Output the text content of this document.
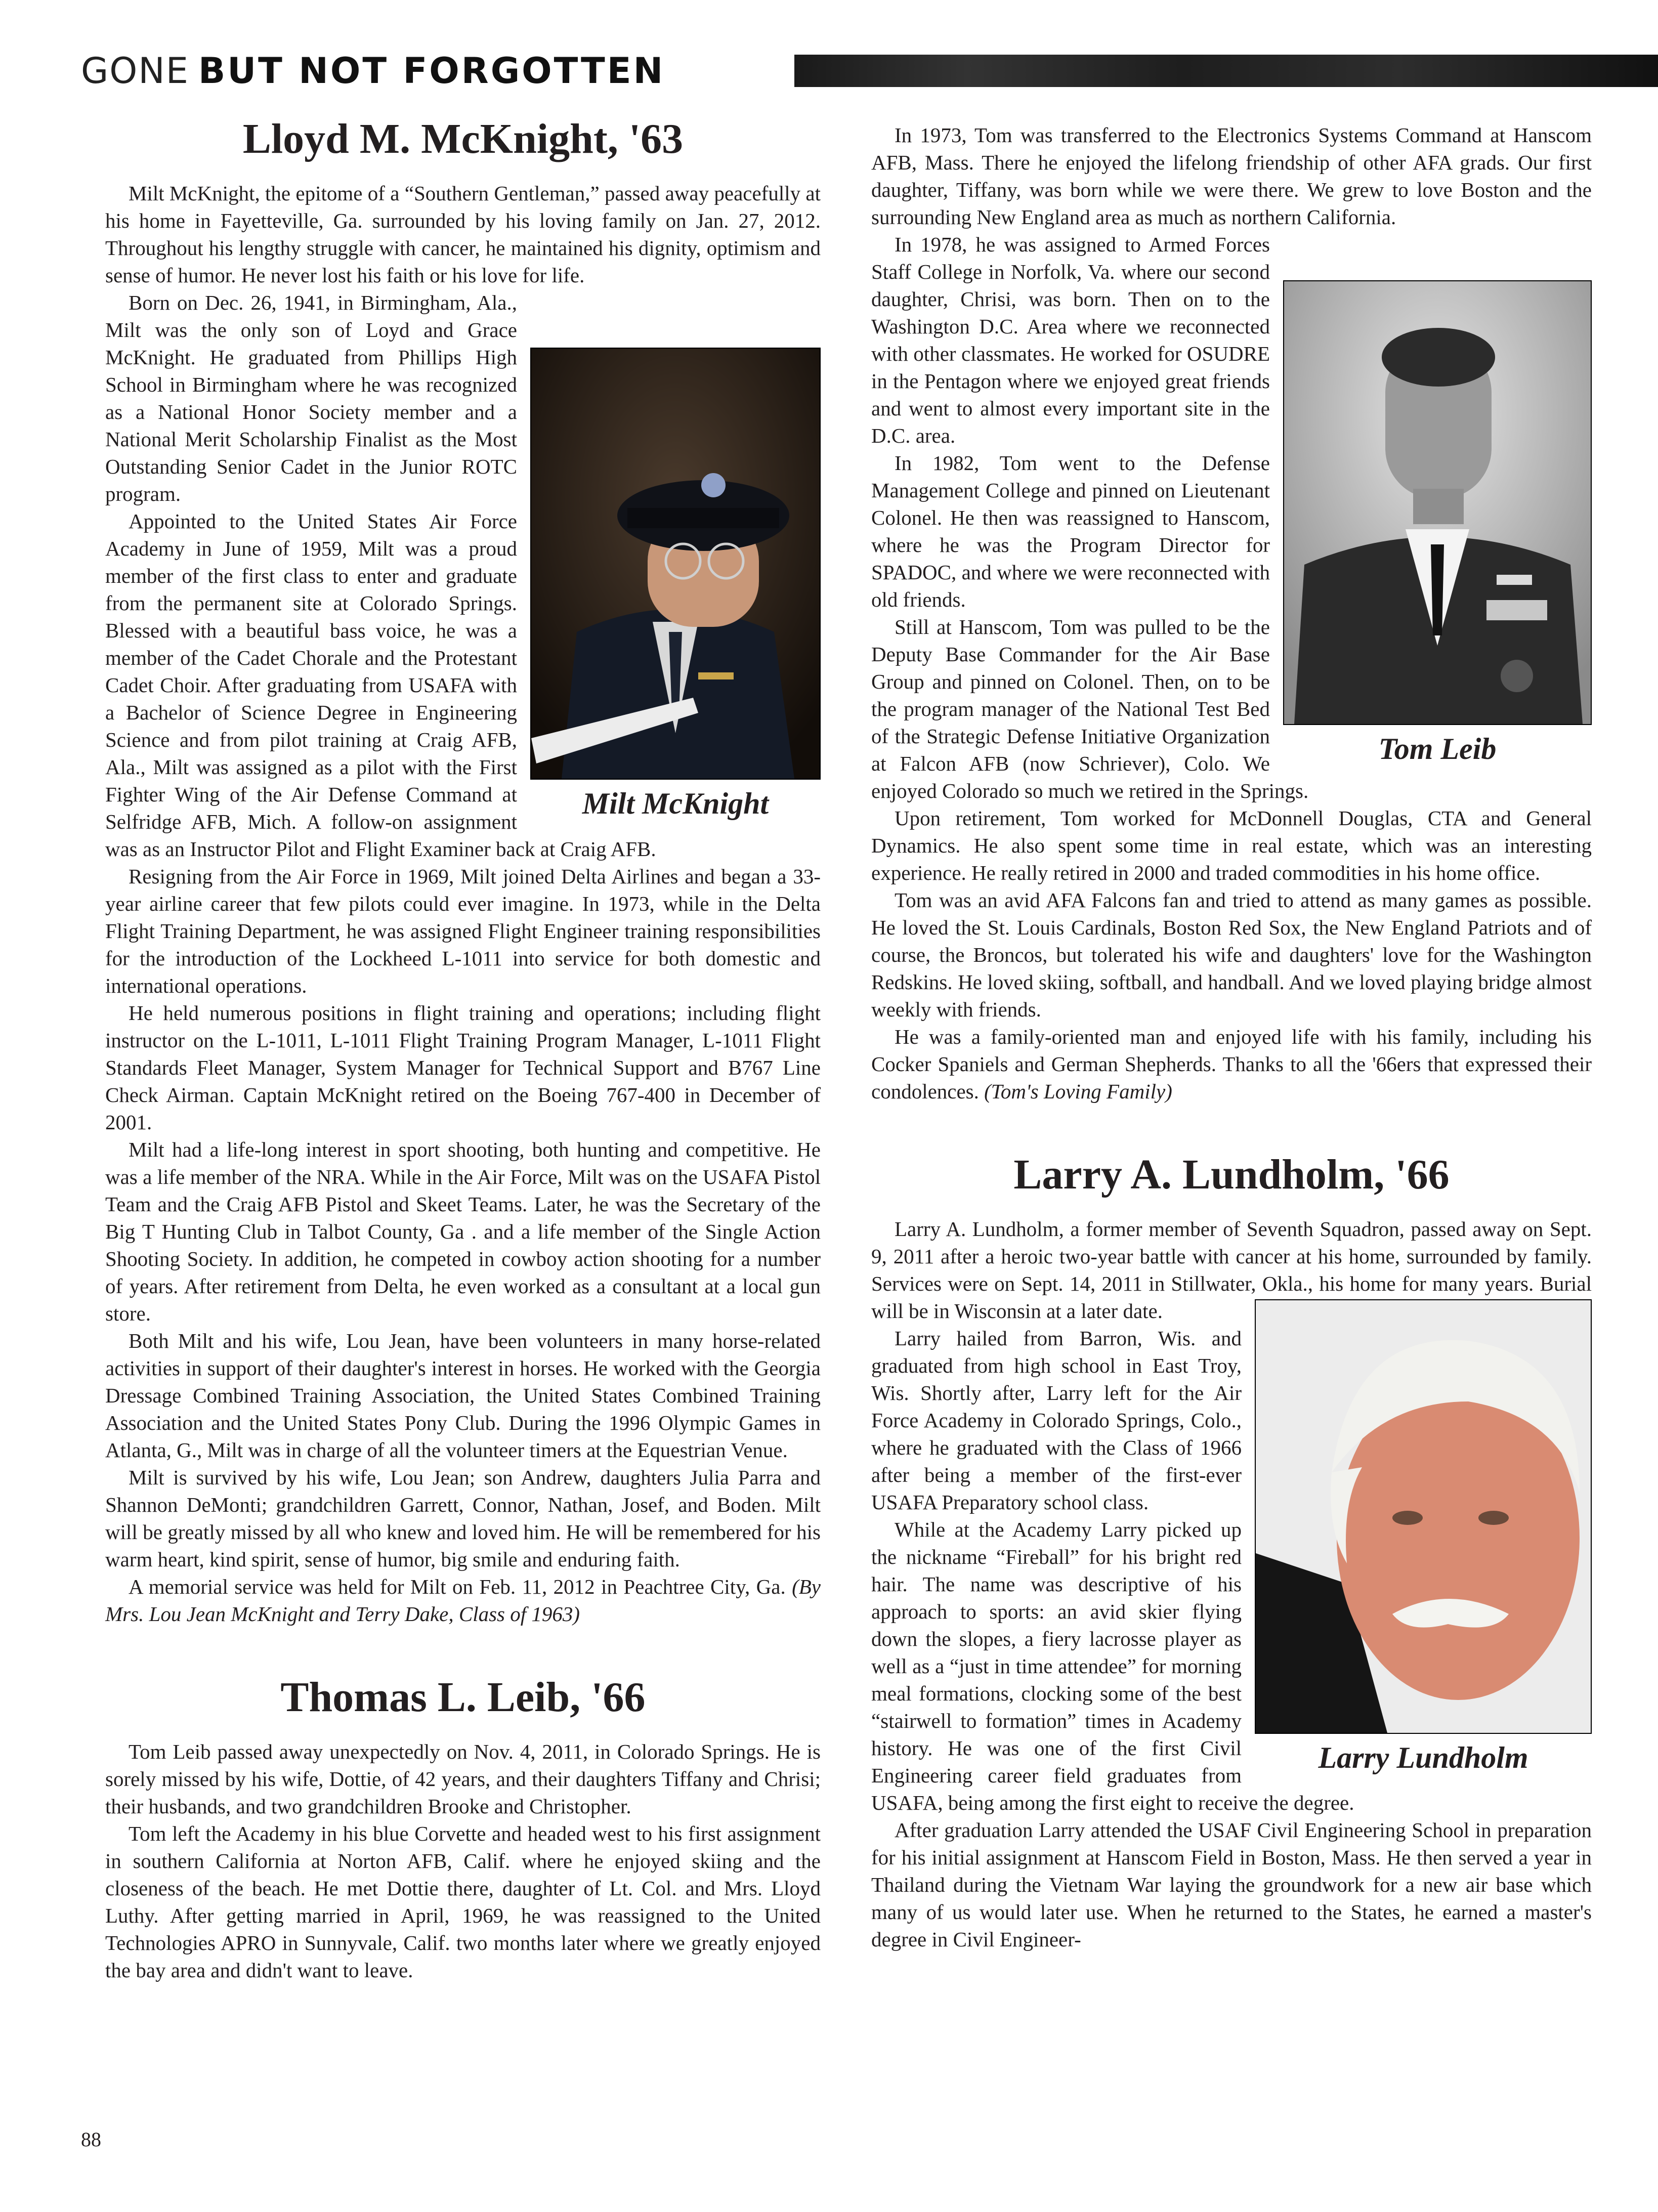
GONE BUT NOT FORGOTTEN
Lloyd M. McKnight, '63

Milt McKnight, the epitome of a “Southern Gentleman,” passed away peacefully at his home in Fayetteville, Ga. surrounded by his loving family on Jan. 27, 2012. Throughout his lengthy struggle with cancer, he maintained his dignity, optimism and sense of humor. He never lost his faith or his love for life.

Milt McKnight

Born on Dec. 26, 1941, in Birmingham, Ala., Milt was the only son of Loyd and Grace McKnight. He graduated from Phillips High School in Birmingham where he was recognized as a National Honor Society member and a National Merit Scholarship Finalist as the Most Outstanding Senior Cadet in the Junior ROTC program.

Appointed to the United States Air Force Academy in June of 1959, Milt was a proud member of the first class to enter and graduate from the permanent site at Colorado Springs. Blessed with a beautiful bass voice, he was a member of the Cadet Chorale and the Protestant Cadet Choir. After graduating from USAFA with a Bachelor of Science Degree in Engineering Science and from pilot training at Craig AFB, Ala., Milt was assigned as a pilot with the First Fighter Wing of the Air Defense Command at Selfridge AFB, Mich. A follow-on assignment was as an Instructor Pilot and Flight Examiner back at Craig AFB.

Resigning from the Air Force in 1969, Milt joined Delta Airlines and began a 33-year airline career that few pilots could ever imagine. In 1973, while in the Delta Flight Training Department, he was assigned Flight Engineer training responsibilities for the introduction of the Lockheed L-1011 into service for both domestic and international operations.

He held numerous positions in flight training and operations; including flight instructor on the L-1011, L-1011 Flight Training Program Manager, L-1011 Flight Standards Fleet Manager, System Manager for Technical Support and B767 Line Check Airman. Captain McKnight retired on the Boeing 767-400 in December of 2001.

Milt had a life-long interest in sport shooting, both hunting and competitive. He was a life member of the NRA. While in the Air Force, Milt was on the USAFA Pistol Team and the Craig AFB Pistol and Skeet Teams. Later, he was the Secretary of the Big T Hunting Club in Talbot County, Ga . and a life member of the Single Action Shooting Society. In addition, he competed in cowboy action shooting for a number of years. After retirement from Delta, he even worked as a consultant at a local gun store.

Both Milt and his wife, Lou Jean, have been volunteers in many horse-related activities in support of their daughter's interest in horses. He worked with the Georgia Dressage Combined Training Association, the United States Combined Training Association and the United States Pony Club. During the 1996 Olympic Games in Atlanta, G., Milt was in charge of all the volunteer timers at the Equestrian Venue.

Milt is survived by his wife, Lou Jean; son Andrew, daughters Julia Parra and Shannon DeMonti; grandchildren Garrett, Connor, Nathan, Josef, and Boden. Milt will be greatly missed by all who knew and loved him. He will be remembered for his warm heart, kind spirit, sense of humor, big smile and enduring faith.

A memorial service was held for Milt on Feb. 11, 2012 in Peachtree City, Ga. (By Mrs. Lou Jean McKnight and Terry Dake, Class of 1963)

Thomas L. Leib, '66

Tom Leib passed away unexpectedly on Nov. 4, 2011, in Colorado Springs. He is sorely missed by his wife, Dottie, of 42 years, and their daughters Tiffany and Chrisi; their husbands, and two grandchildren Brooke and Christopher.

Tom left the Academy in his blue Corvette and headed west to his first assignment in southern California at Norton AFB, Calif. where he enjoyed skiing and the closeness of the beach. He met Dottie there, daughter of Lt. Col. and Mrs. Lloyd Luthy. After getting married in April, 1969, he was reassigned to the United Technologies APRO in Sunnyvale, Calif. two months later where we greatly enjoyed the bay area and didn't want to leave.

In 1973, Tom was transferred to the Electronics Systems Command at Hanscom AFB, Mass. There he enjoyed the lifelong friendship of other AFA grads. Our first daughter, Tiffany, was born while we were there. We grew to love Boston and the surrounding New England area as much as northern California.

Tom Leib

In 1978, he was assigned to Armed Forces Staff College in Norfolk, Va. where our second daughter, Chrisi, was born. Then on to the Washington D.C. Area where we reconnected with other classmates. He worked for OSUDRE in the Pentagon where we enjoyed great friends and went to almost every important site in the D.C. area.

In 1982, Tom went to the Defense Management College and pinned on Lieutenant Colonel. He then was reassigned to Hanscom, where he was the Program Director for SPADOC, and where we were reconnected with old friends.

Still at Hanscom, Tom was pulled to be the Deputy Base Commander for the Air Base Group and pinned on Colonel. Then, on to be the program manager of the National Test Bed of the Strategic Defense Initiative Organization at Falcon AFB (now Schriever), Colo. We enjoyed Colorado so much we retired in the Springs.

Upon retirement, Tom worked for McDonnell Douglas, CTA and General Dynamics. He also spent some time in real estate, which was an interesting experience. He really retired in 2000 and traded commodities in his home office.

Tom was an avid AFA Falcons fan and tried to attend as many games as possible. He loved the St. Louis Cardinals, Boston Red Sox, the New England Patriots and of course, the Broncos, but tolerated his wife and daughters' love for the Washington Redskins. He loved skiing, softball, and handball. And we loved playing bridge almost weekly with friends.

He was a family-oriented man and enjoyed life with his family, including his Cocker Spaniels and German Shepherds. Thanks to all the '66ers that expressed their condolences. (Tom's Loving Family)

Larry A. Lundholm, '66

Larry A. Lundholm, a former member of Seventh Squadron, passed away on Sept. 9, 2011 after a heroic two-year battle with cancer at his home, surrounded by family. Services were on Sept. 14, 2011 in Stillwater, Okla., his home for many years. Burial will be in Wisconsin at a later date.

Larry Lundholm

Larry hailed from Barron, Wis. and graduated from high school in East Troy, Wis. Shortly after, Larry left for the Air Force Academy in Colorado Springs, Colo., where he graduated with the Class of 1966 after being a member of the first-ever USAFA Preparatory school class.

While at the Academy Larry picked up the nickname “Fireball” for his bright red hair. The name was descriptive of his approach to sports: an avid skier flying down the slopes, a fiery lacrosse player as well as a “just in time attendee” for morning meal formations, clocking some of the best “stairwell to formation” times in Academy history. He was one of the first Civil Engineering career field graduates from USAFA, being among the first eight to receive the degree.

After graduation Larry attended the USAF Civil Engineering School in preparation for his initial assignment at Hanscom Field in Boston, Mass. He then served a year in Thailand during the Vietnam War laying the groundwork for a new air base which many of us would later use. When he returned to the States, he earned a master's degree in Civil Engineer-

88
